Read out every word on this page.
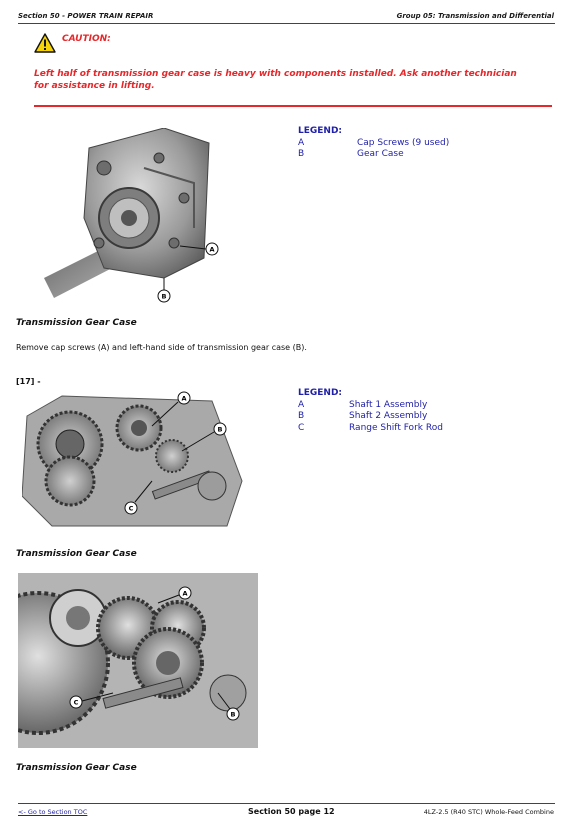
Section 50 - POWER TRAIN REPAIR	Group 05: Transmission and Differential
CAUTION:
Left half of transmission gear case is heavy with components installed. Ask another technician for assistance in lifting.
A
B
LEGEND:
A	Cap Screws (9 used)
B	Gear Case
Transmission Gear Case
Remove cap screws (A) and left-hand side of transmission gear case (B).
[17] -
A
B
C
LEGEND:
A	Shaft 1 Assembly
B	Shaft 2 Assembly
C	Range Shift Fork Rod
Transmission Gear Case
A
B
C
Transmission Gear Case
<- Go to Section TOC	Section 50 page 12	4LZ-2.5 (R40 STC) Whole-Feed Combine
